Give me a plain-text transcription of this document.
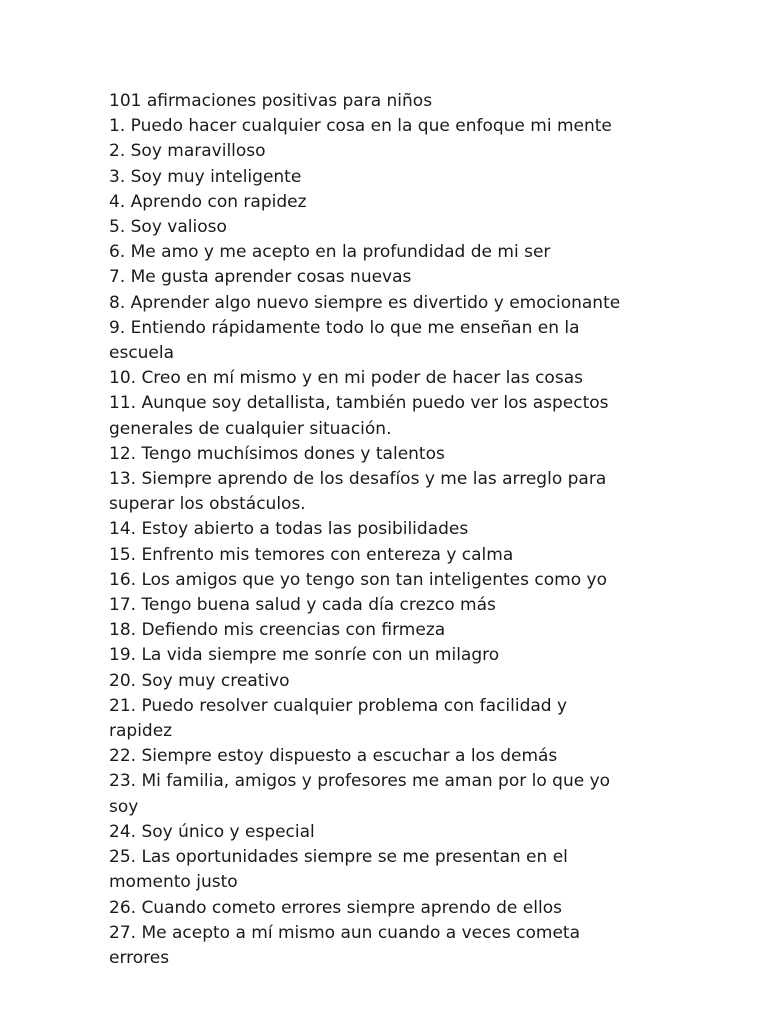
101 afirmaciones positivas para niños

1. Puedo hacer cualquier cosa en la que enfoque mi mente

2. Soy maravilloso

3. Soy muy inteligente

4. Aprendo con rapidez

5. Soy valioso

6. Me amo y me acepto en la profundidad de mi ser

7. Me gusta aprender cosas nuevas

8. Aprender algo nuevo siempre es divertido y emocionante

9. Entiendo rápidamente todo lo que me enseñan en la

escuela

10. Creo en mí mismo y en mi poder de hacer las cosas

11. Aunque soy detallista, también puedo ver los aspectos

generales de cualquier situación.

12. Tengo muchísimos dones y talentos

13. Siempre aprendo de los desafíos y me las arreglo para

superar los obstáculos.

14. Estoy abierto a todas las posibilidades

15. Enfrento mis temores con entereza y calma

16. Los amigos que yo tengo son tan inteligentes como yo

17. Tengo buena salud y cada día crezco más

18. Defiendo mis creencias con firmeza

19. La vida siempre me sonríe con un milagro

20. Soy muy creativo

21. Puedo resolver cualquier problema con facilidad y

rapidez

22. Siempre estoy dispuesto a escuchar a los demás

23. Mi familia, amigos y profesores me aman por lo que yo

soy

24. Soy único y especial

25. Las oportunidades siempre se me presentan en el

momento justo

26. Cuando cometo errores siempre aprendo de ellos

27. Me acepto a mí mismo aun cuando a veces cometa

errores
